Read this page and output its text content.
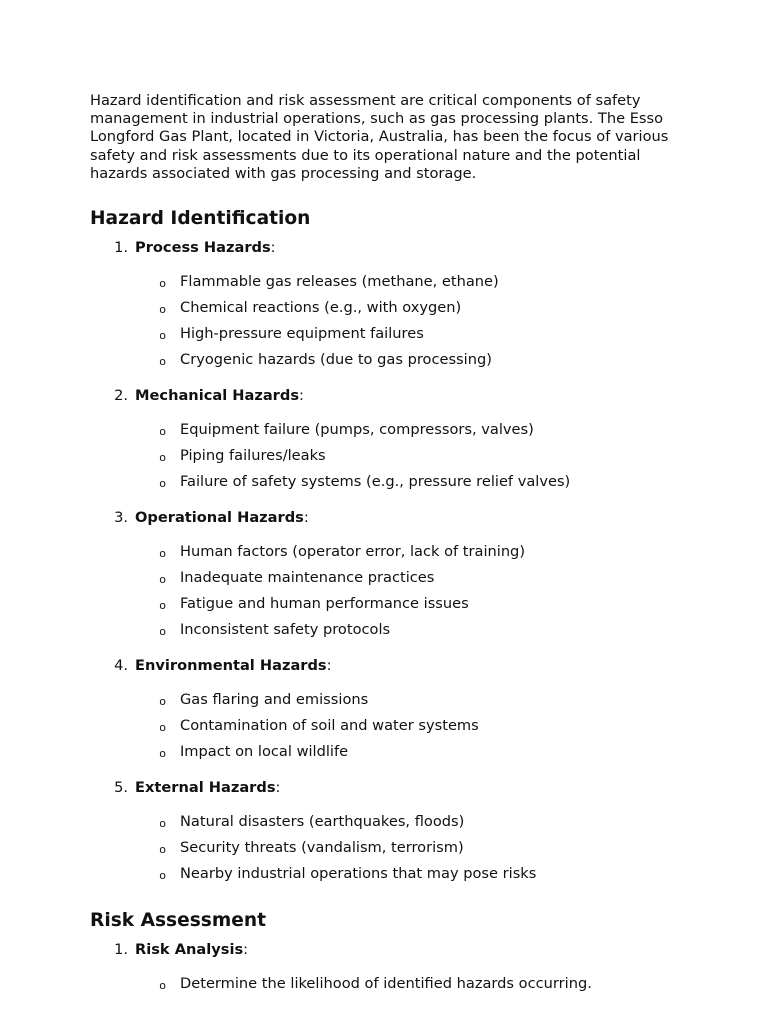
Hazard identification and risk assessment are critical components of safety management in industrial operations, such as gas processing plants. The Esso Longford Gas Plant, located in Victoria, Australia, has been the focus of various safety and risk assessments due to its operational nature and the potential hazards associated with gas processing and storage.

Hazard Identification
1. Process Hazards:
o Flammable gas releases (methane, ethane)
o Chemical reactions (e.g., with oxygen)
o High-pressure equipment failures
o Cryogenic hazards (due to gas processing)
2. Mechanical Hazards:
o Equipment failure (pumps, compressors, valves)
o Piping failures/leaks
o Failure of safety systems (e.g., pressure relief valves)
3. Operational Hazards:
o Human factors (operator error, lack of training)
o Inadequate maintenance practices
o Fatigue and human performance issues
o Inconsistent safety protocols
4. Environmental Hazards:
o Gas flaring and emissions
o Contamination of soil and water systems
o Impact on local wildlife
5. External Hazards:
o Natural disasters (earthquakes, floods)
o Security threats (vandalism, terrorism)
o Nearby industrial operations that may pose risks
Risk Assessment
1. Risk Analysis:
o Determine the likelihood of identified hazards occurring.
